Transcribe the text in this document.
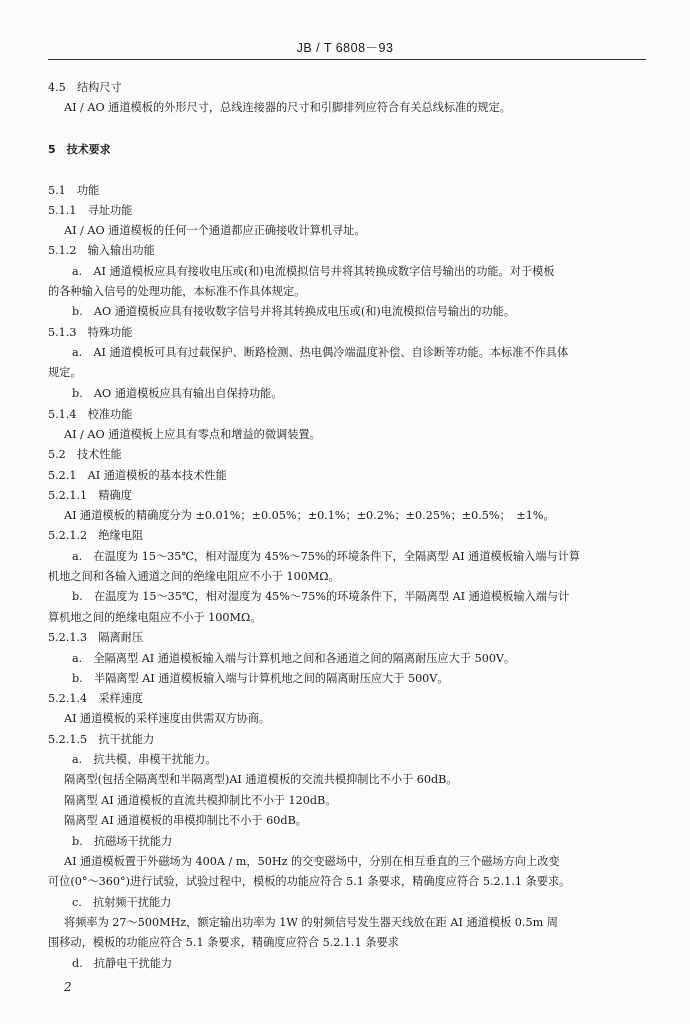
JB / T 6808－93
4.5　结构尺寸
AI / AO 通道模板的外形尺寸，总线连接器的尺寸和引脚排列应符合有关总线标准的规定。
5　技术要求
5.1　功能
5.1.1　寻址功能
AI / AO 通道模板的任何一个通道都应正确接收计算机寻址。
5.1.2　输入输出功能
a.　AI 通道模板应具有接收电压或(和)电流模拟信号并将其转换成数字信号输出的功能。对于模板
的各种输入信号的处理功能，本标准不作具体规定。
b.　AO 通道模板应具有接收数字信号并将其转换成电压或(和)电流模拟信号输出的功能。
5.1.3　特殊功能
a.　AI 通道模板可具有过载保护、断路检测、热电偶冷端温度补偿、自诊断等功能。本标准不作具体
规定。
b.　AO 通道模板应具有输出自保持功能。
5.1.4　校准功能
AI / AO 通道模板上应具有零点和增益的微调装置。
5.2　技术性能
5.2.1　AI 通道模板的基本技术性能
5.2.1.1　精确度
AI 通道模板的精确度分为 ±0.01%；±0.05%；±0.1%；±0.2%；±0.25%；±0.5%；　±1%。
5.2.1.2　绝缘电阻
a.　在温度为 15～35℃，相对湿度为 45%～75%的环境条件下，全隔离型 AI 通道模板输入端与计算
机地之间和各输入通道之间的绝缘电阻应不小于 100MΩ。
b.　在温度为 15～35℃，相对湿度为 45%～75%的环境条件下，半隔离型 AI 通道模板输入端与计
算机地之间的绝缘电阻应不小于 100MΩ。
5.2.1.3　隔离耐压
a.　全隔离型 AI 通道模板输入端与计算机地之间和各通道之间的隔离耐压应大于 500V。
b.　半隔离型 AI 通道模板输入端与计算机地之间的隔离耐压应大于 500V。
5.2.1.4　采样速度
AI 通道模板的采样速度由供需双方协商。
5.2.1.5　抗干扰能力
a.　抗共模、串模干扰能力。
隔离型(包括全隔离型和半隔离型)AI 通道模板的交流共模抑制比不小于 60dB。
隔离型 AI 通道模板的直流共模抑制比不小于 120dB。
隔离型 AI 通道模板的串模抑制比不小于 60dB。
b.　抗磁场干扰能力
AI 通道模板置于外磁场为 400A / m，50Hz 的交变磁场中，分别在相互垂直的三个磁场方向上改变
可位(0°～360°)进行试验，试验过程中，模板的功能应符合 5.1 条要求，精确度应符合 5.2.1.1 条要求。
c.　抗射频干扰能力
将频率为 27～500MHz，额定输出功率为 1W 的射频信号发生器天线放在距 AI 通道模板 0.5m 周
围移动，模板的功能应符合 5.1 条要求，精确度应符合 5.2.1.1 条要求
d.　抗静电干扰能力
2
